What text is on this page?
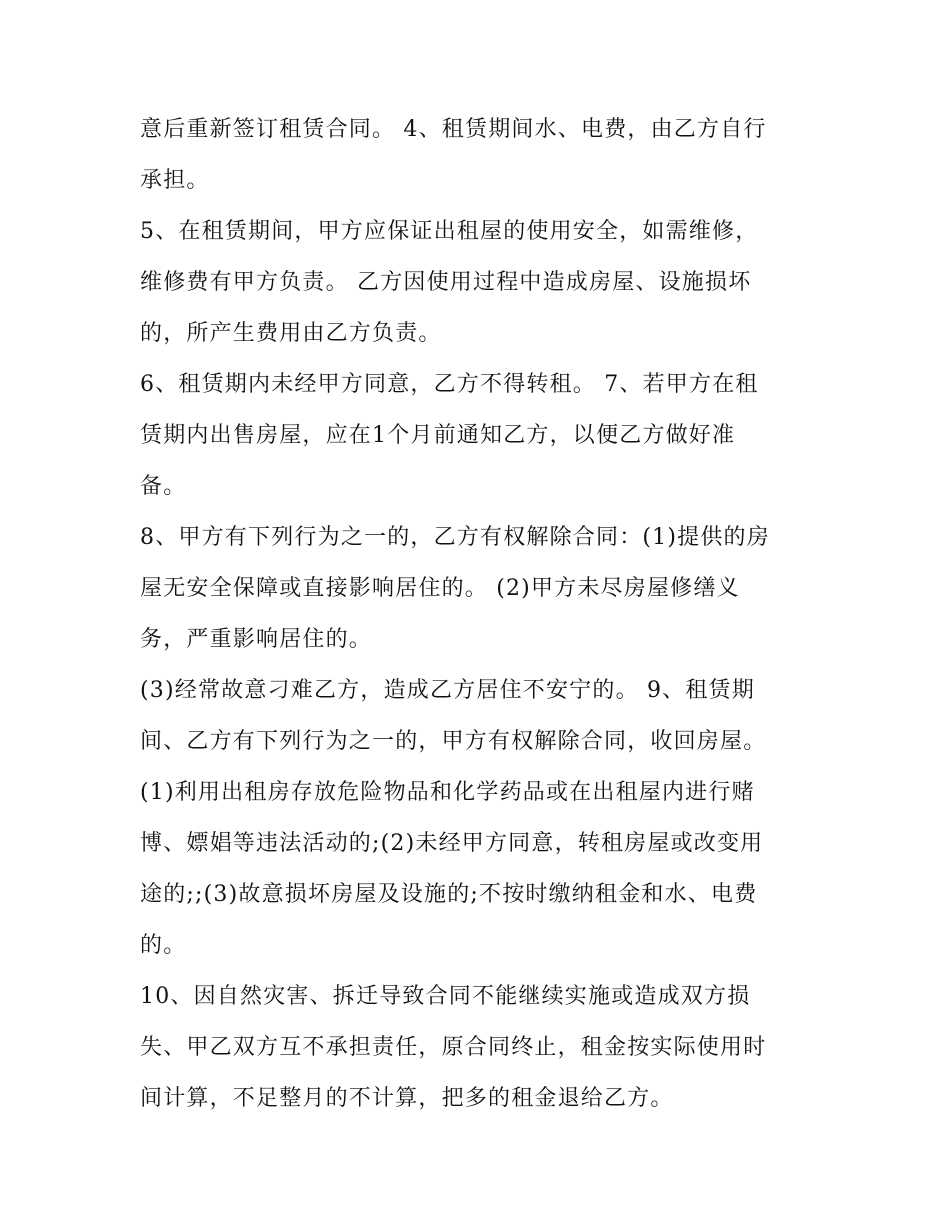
意后重新签订租赁合同。 4、租赁期间水、电费，由乙方自行
承担。

5、在租赁期间，甲方应保证出租屋的使用安全，如需维修，
维修费有甲方负责。 乙方因使用过程中造成房屋、设施损坏
的，所产生费用由乙方负责。

6、租赁期内未经甲方同意，乙方不得转租。 7、若甲方在租
赁期内出售房屋，应在1个月前通知乙方，以便乙方做好准
备。

8、甲方有下列行为之一的，乙方有权解除合同：(1)提供的房
屋无安全保障或直接影响居住的。 (2)甲方未尽房屋修缮义
务，严重影响居住的。

(3)经常故意刁难乙方，造成乙方居住不安宁的。 9、租赁期
间、乙方有下列行为之一的，甲方有权解除合同，收回房屋。
(1)利用出租房存放危险物品和化学药品或在出租屋内进行赌
博、嫖娼等违法活动的;(2)未经甲方同意，转租房屋或改变用
途的;;(3)故意损坏房屋及设施的;不按时缴纳租金和水、电费
的。

10、因自然灾害、拆迁导致合同不能继续实施或造成双方损
失、甲乙双方互不承担责任，原合同终止，租金按实际使用时
间计算，不足整月的不计算，把多的租金退给乙方。
